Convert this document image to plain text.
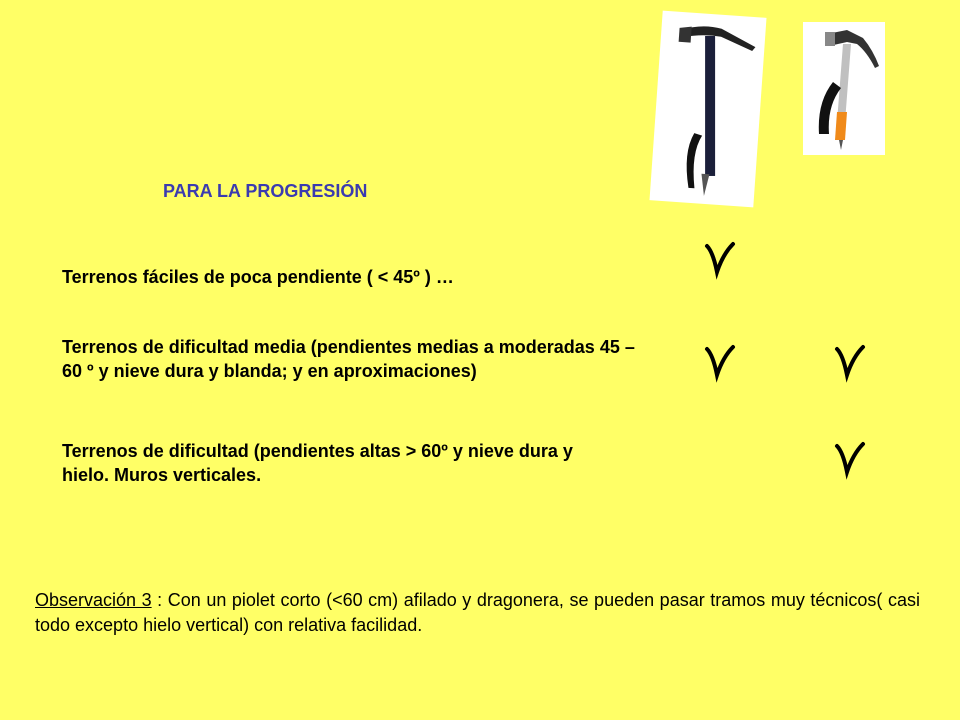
PARA LA PROGRESIÓN
Terrenos fáciles de poca pendiente ( < 45º ) …
Terrenos de dificultad media (pendientes medias a moderadas 45 – 60 º y nieve dura y blanda; y en aproximaciones)
Terrenos de dificultad (pendientes altas > 60º y nieve dura y hielo. Muros verticales.
Observación 3 : Con un piolet corto (<60 cm) afilado y dragonera, se pueden pasar tramos muy técnicos( casi todo excepto hielo vertical) con relativa facilidad.
